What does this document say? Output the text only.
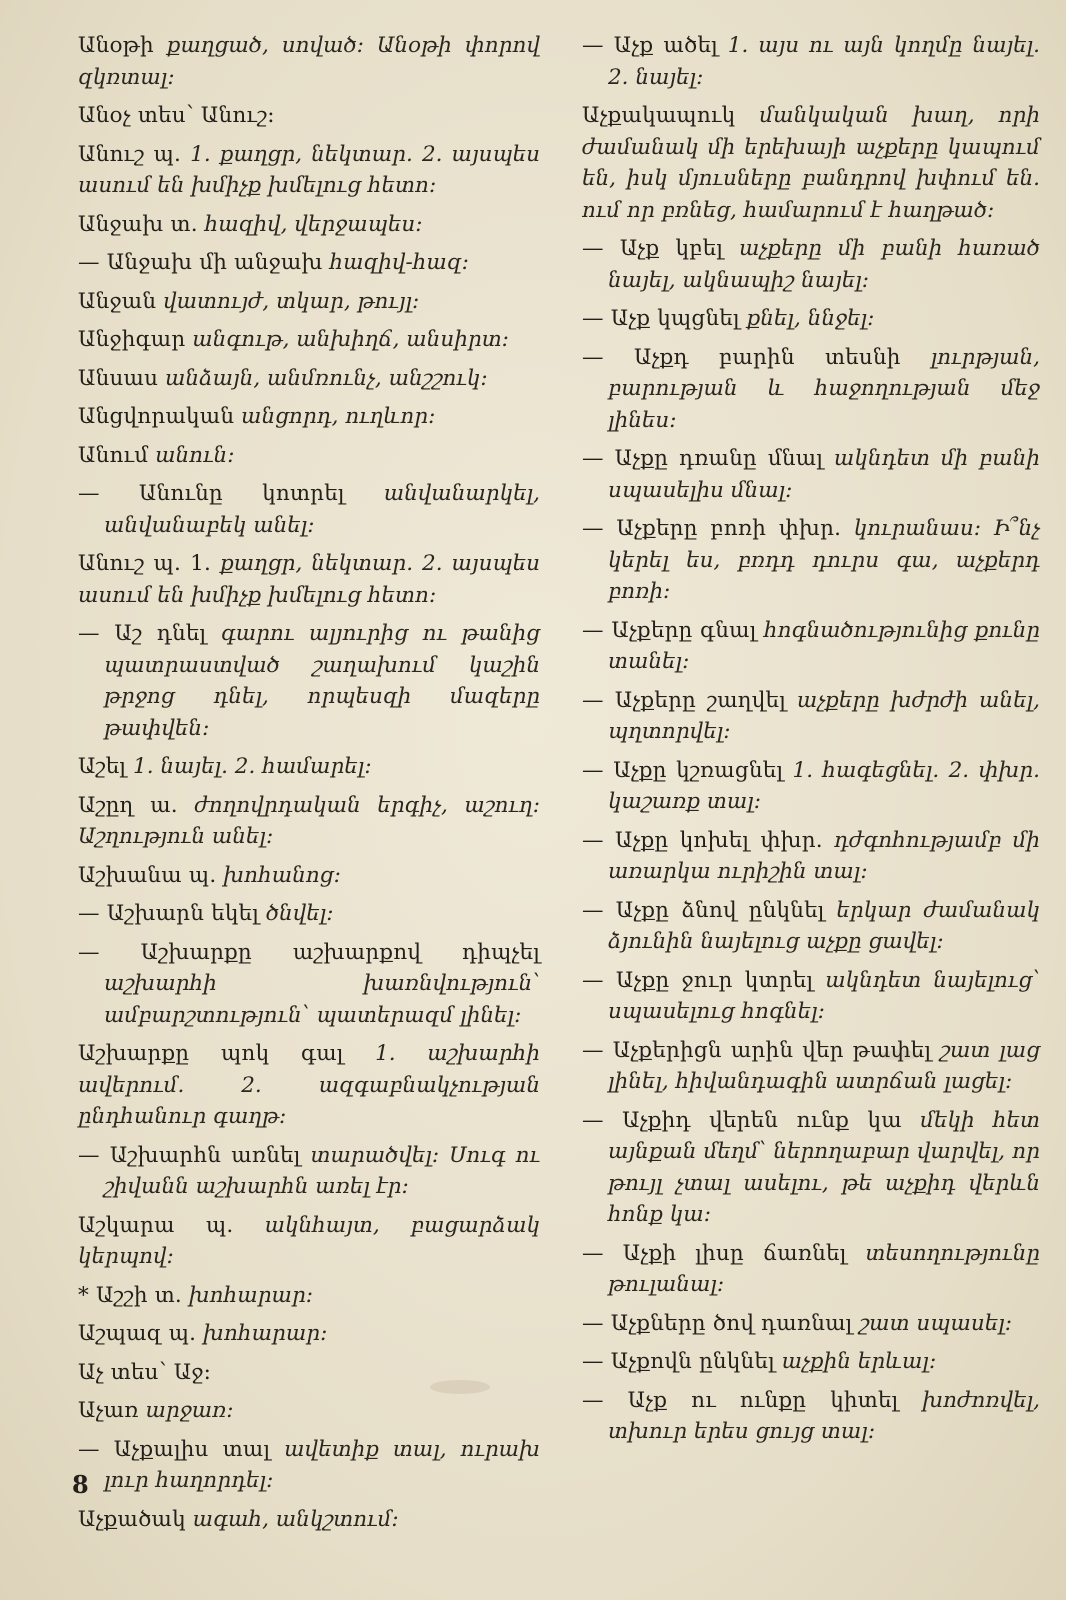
Անօթի քաղցած, սոված։ Անօթի փորով զկռտալ։
Անօչ տես՝ Անուշ։
Անուշ պ. 1. քաղցր, նեկտար. 2. այսպես ասում են խմիչք խմելուց հետո։
Անջախ տ. հազիվ, վերջապես։
— Անջախ մի անջախ հազիվ-հազ։
Անջան վատույժ, տկար, թույլ։
Անջիգար անգութ, անխիղճ, անսիրտ։
Անսաս անձայն, անմռունչ, անշշուկ։
Անցվորական անցորդ, ուղևոր։
Անում անուն։
— Անունը կոտրել անվանարկել, անվանաբեկ անել։
Անուշ պ. 1. քաղցր, նեկտար. 2. այսպես ասում են խմիչք խմելուց հետո։
— Աշ դնել գարու ալյուրից ու թանից պատրաստված շաղախում կաշին թրջոց դնել, որպեսզի մազերը թափվեն։
Աշել 1. նայել. 2. համարել։
Աշըղ ա. ժողովրդական երգիչ, աշուղ։ Աշղություն անել։
Աշխանա պ. խոհանոց։
— Աշխարն եկել ծնվել։
— Աշխարքը աշխարքով դիպչել աշխարհի խառնվություն՝ ամբարշտություն՝ պատերազմ լինել։
Աշխարքը պոկ գալ 1. աշխարհի ավերում. 2. ազգաբնակչության ընդհանուր գաղթ։
— Աշխարհն առնել տարածվել։ Սուգ ու շիվանն աշխարհն առել էր։
Աշկարա պ. ակնհայտ, բացարձակ կերպով։
* Աշշի տ. խոհարար։
Աշպազ պ. խոհարար։
Աչ տես՝ Աջ։
Աչառ արջառ։
— Աչքալիս տալ ավետիք տալ, ուրախ լուր հաղորդել։
Աչքածակ ագահ, անկշտում։
— Աչք ածել 1. այս ու այն կողմը նայել. 2. նայել։
Աչքակապուկ մանկական խաղ, որի ժամանակ մի երեխայի աչքերը կապում են, իսկ մյուսները բանդրով խփում են. ում որ բռնեց, համարում է հաղթած։
— Աչք կբել աչքերը մի բանի հառած նայել, ակնապիշ նայել։
— Աչք կպցնել քնել, ննջել։
— Աչքդ բարին տեսնի լուրթյան, բարության և հաջողության մեջ լինես։
— Աչքը դռանը մնալ ակնդետ մի բանի սպասելիս մնալ։
— Աչքերը բոռի փխր. կուրանաս։ Ի՞նչ կերել ես, բռդդ դուրս գա, աչքերդ բոռի։
— Աչքերը գնալ հոգնածությունից քունը տանել։
— Աչքերը շաղվել աչքերը խժրժի անել, պղտորվել։
— Աչքը կշռացնել 1. հագեցնել. 2. փխր. կաշառք տալ։
— Աչքը կոխել փխր. դժգոհությամբ մի առարկա ուրիշին տալ։
— Աչքը ձնով ընկնել երկար ժամանակ ձյունին նայելուց աչքը ցավել։
— Աչքը ջուր կտրել ակնդետ նայելուց՝ սպասելուց հոգնել։
— Աչքերիցն արին վեր թափել շատ լաց լինել, հիվանդագին ատրճան լացել։
— Աչքիդ վերեն ունք կա մեկի հետ այնքան մեղմ՝ ներողաբար վարվել, որ թույլ չտալ ասելու, թե աչքիդ վերևն հոնք կա։
— Աչքի լիսը ճառնել տեսողությունը թուլանալ։
— Աչքները ծով դառնալ շատ սպասել։
— Աչքովն ընկնել աչքին երևալ։
— Աչք ու ունքը կիտել խոժոռվել, տխուր երես ցույց տալ։
8
